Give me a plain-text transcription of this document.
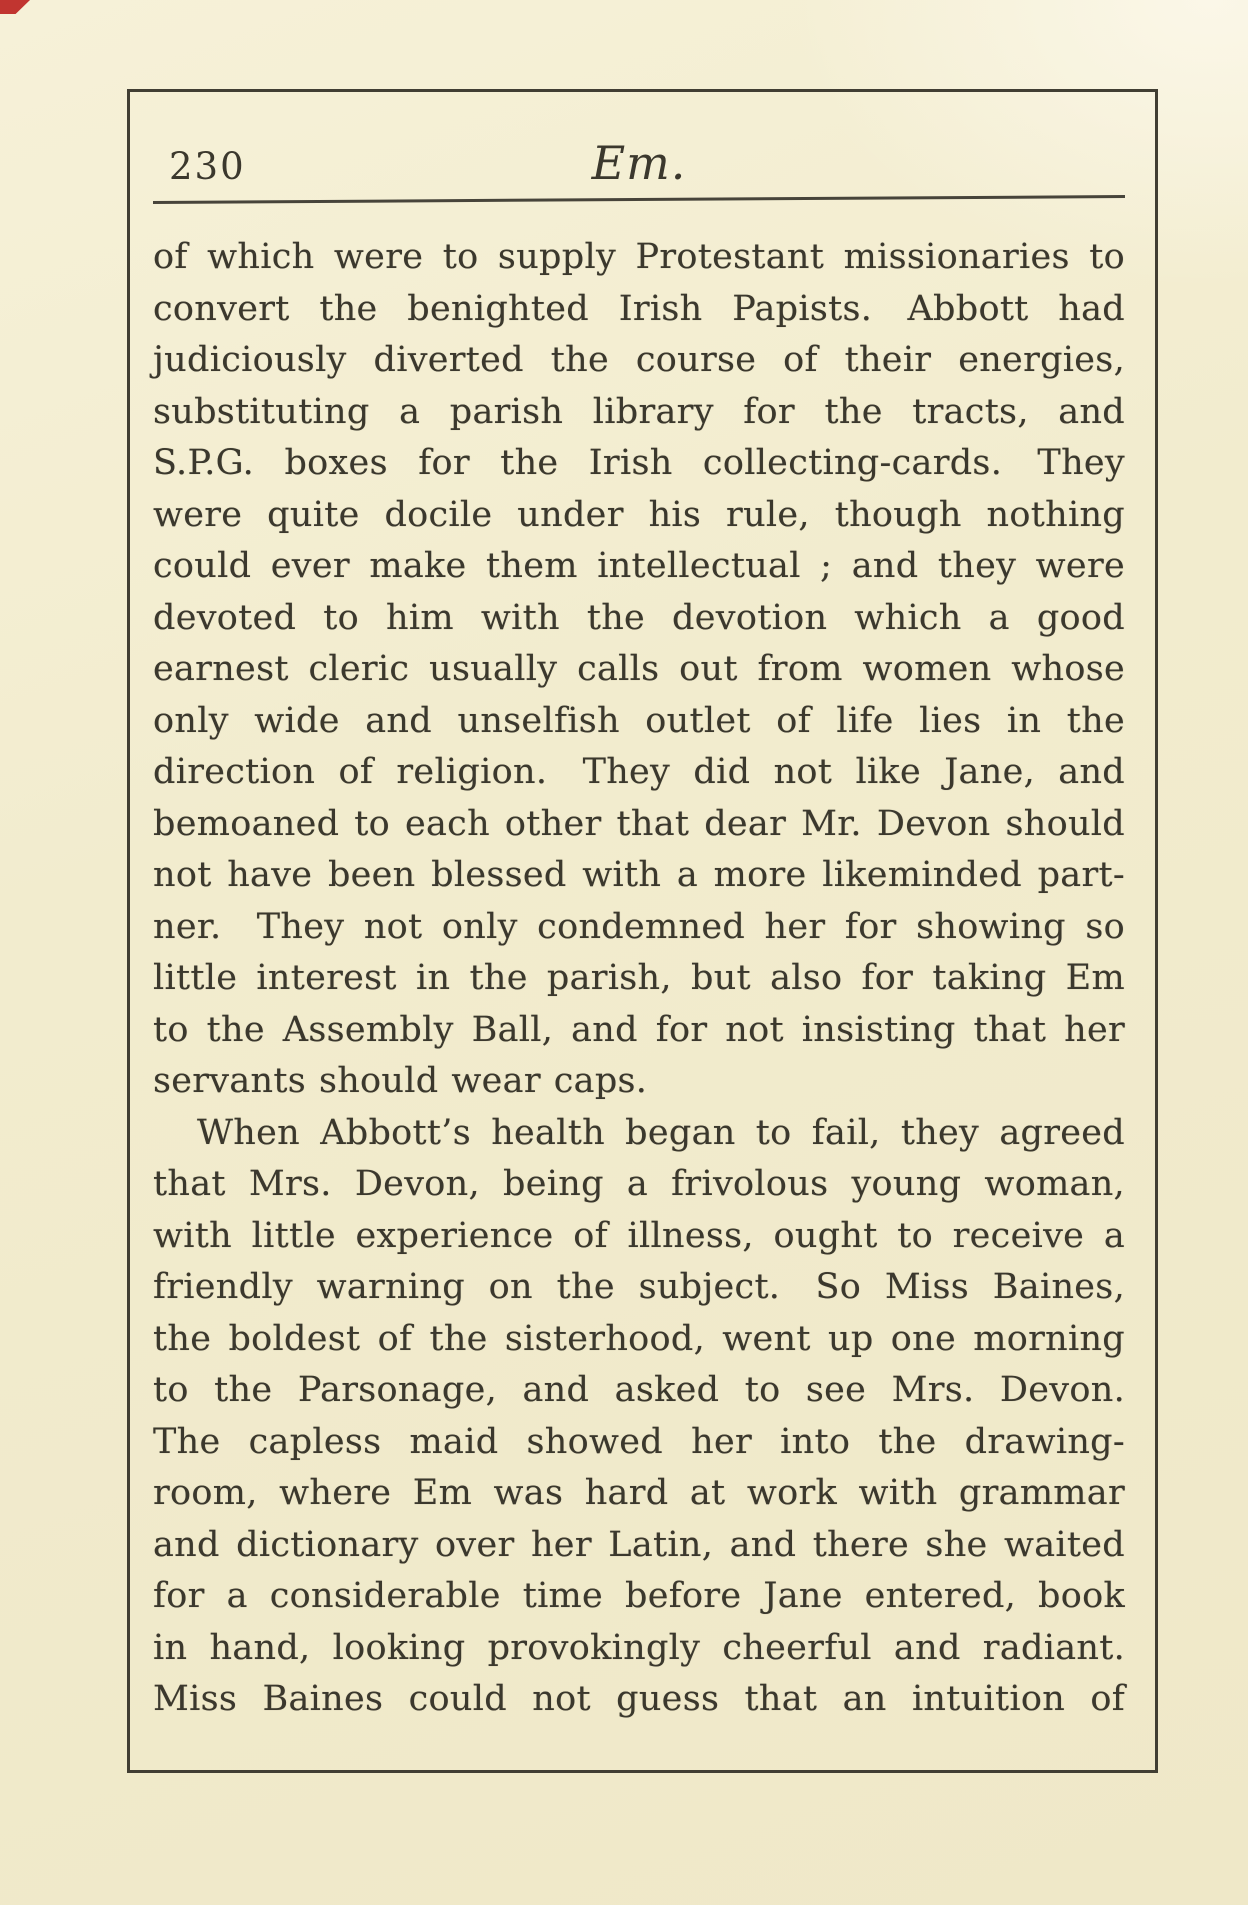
230	Em.
of which were to supply Protestant missionaries to
convert the benighted Irish Papists. Abbott had
judiciously diverted the course of their energies,
substituting a parish library for the tracts, and
S.P.G. boxes for the Irish collecting-cards. They
were quite docile under his rule, though nothing
could ever make them intellectual ; and they were
devoted to him with the devotion which a good
earnest cleric usually calls out from women whose
only wide and unselfish outlet of life lies in the
direction of religion. They did not like Jane, and
bemoaned to each other that dear Mr. Devon should
not have been blessed with a more likeminded part-
ner. They not only condemned her for showing so
little interest in the parish, but also for taking Em
to the Assembly Ball, and for not insisting that her
servants should wear caps.
When Abbott’s health began to fail, they agreed
that Mrs. Devon, being a frivolous young woman,
with little experience of illness, ought to receive a
friendly warning on the subject. So Miss Baines,
the boldest of the sisterhood, went up one morning
to the Parsonage, and asked to see Mrs. Devon.
The capless maid showed her into the drawing-
room, where Em was hard at work with grammar
and dictionary over her Latin, and there she waited
for a considerable time before Jane entered, book
in hand, looking provokingly cheerful and radiant.
Miss Baines could not guess that an intuition of
